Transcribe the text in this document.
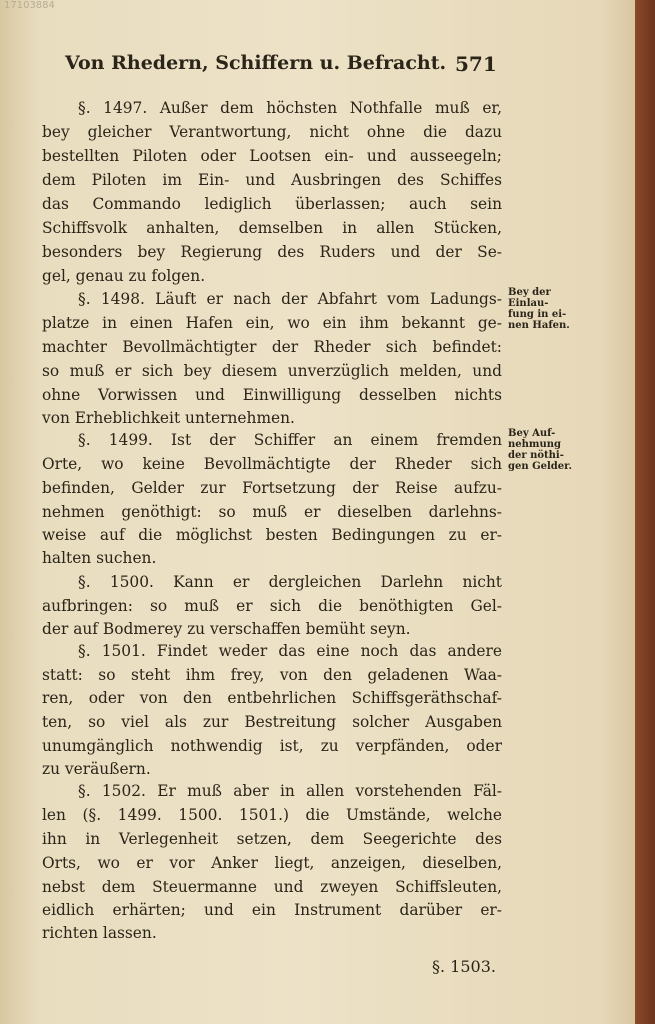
17103884
Von Rhedern, Schiffern u. Befracht. 571
§. 1497. Außer dem höchsten Nothfalle muß er,
bey gleicher Verantwortung, nicht ohne die dazu
bestellten Piloten oder Lootsen ein- und ausseegeln;
dem Piloten im Ein- und Ausbringen des Schiffes
das Commando lediglich überlassen; auch sein
Schiffsvolk anhalten, demselben in allen Stücken,
besonders bey Regierung des Ruders und der Se-
gel, genau zu folgen.
§. 1498. Läuft er nach der Abfahrt vom Ladungs-
platze in einen Hafen ein, wo ein ihm bekannt ge-
machter Bevollmächtigter der Rheder sich befindet:
so muß er sich bey diesem unverzüglich melden, und
ohne Vorwissen und Einwilligung desselben nichts
von Erheblichkeit unternehmen.
§. 1499. Ist der Schiffer an einem fremden
Orte, wo keine Bevollmächtigte der Rheder sich
befinden, Gelder zur Fortsetzung der Reise aufzu-
nehmen genöthigt: so muß er dieselben darlehns-
weise auf die möglichst besten Bedingungen zu er-
halten suchen.
§. 1500. Kann er dergleichen Darlehn nicht
aufbringen: so muß er sich die benöthigten Gel-
der auf Bodmerey zu verschaffen bemüht seyn.
§. 1501. Findet weder das eine noch das andere
statt: so steht ihm frey, von den geladenen Waa-
ren, oder von den entbehrlichen Schiffsgeräthschaf-
ten, so viel als zur Bestreitung solcher Ausgaben
unumgänglich nothwendig ist, zu verpfänden, oder
zu veräußern.
§. 1502. Er muß aber in allen vorstehenden Fäl-
len (§. 1499. 1500. 1501.) die Umstände, welche
ihn in Verlegenheit setzen, dem Seegerichte des
Orts, wo er vor Anker liegt, anzeigen, dieselben,
nebst dem Steuermanne und zweyen Schiffsleuten,
eidlich erhärten; und ein Instrument darüber er-
richten lassen.
Bey der
Einlau-
fung in ei-
nen Hafen.
Bey Auf-
nehmung
der nöthi-
gen Gelder.
§. 1503.
